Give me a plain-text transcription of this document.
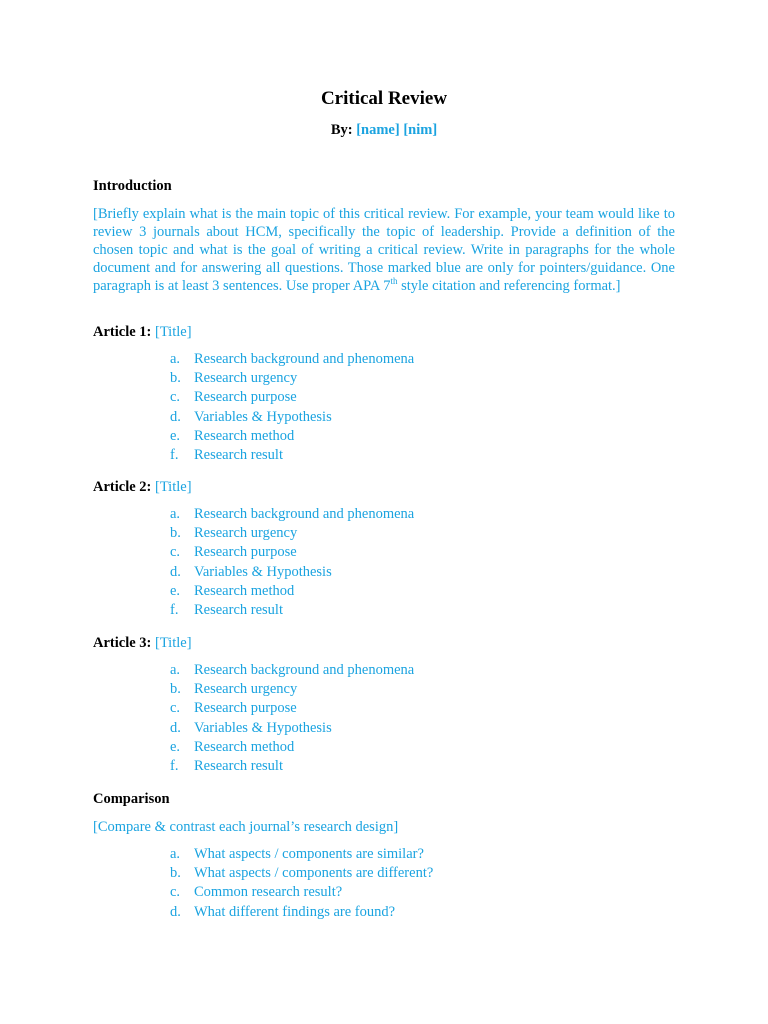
Critical Review
By: [name] [nim]
Introduction
[Briefly explain what is the main topic of this critical review. For example, your team would like to review 3 journals about HCM, specifically the topic of leadership. Provide a definition of the chosen topic and what is the goal of writing a critical review. Write in paragraphs for the whole document and for answering all questions. Those marked blue are only for pointers/guidance. One paragraph is at least 3 sentences. Use proper APA 7th style citation and referencing format.]
Article 1: [Title]
a. Research background and phenomena
b. Research urgency
c. Research purpose
d. Variables & Hypothesis
e. Research method
f. Research result
Article 2: [Title]
a. Research background and phenomena
b. Research urgency
c. Research purpose
d. Variables & Hypothesis
e. Research method
f. Research result
Article 3: [Title]
a. Research background and phenomena
b. Research urgency
c. Research purpose
d. Variables & Hypothesis
e. Research method
f. Research result
Comparison
[Compare & contrast each journal’s research design]
a. What aspects / components are similar?
b. What aspects / components are different?
c. Common research result?
d. What different findings are found?
